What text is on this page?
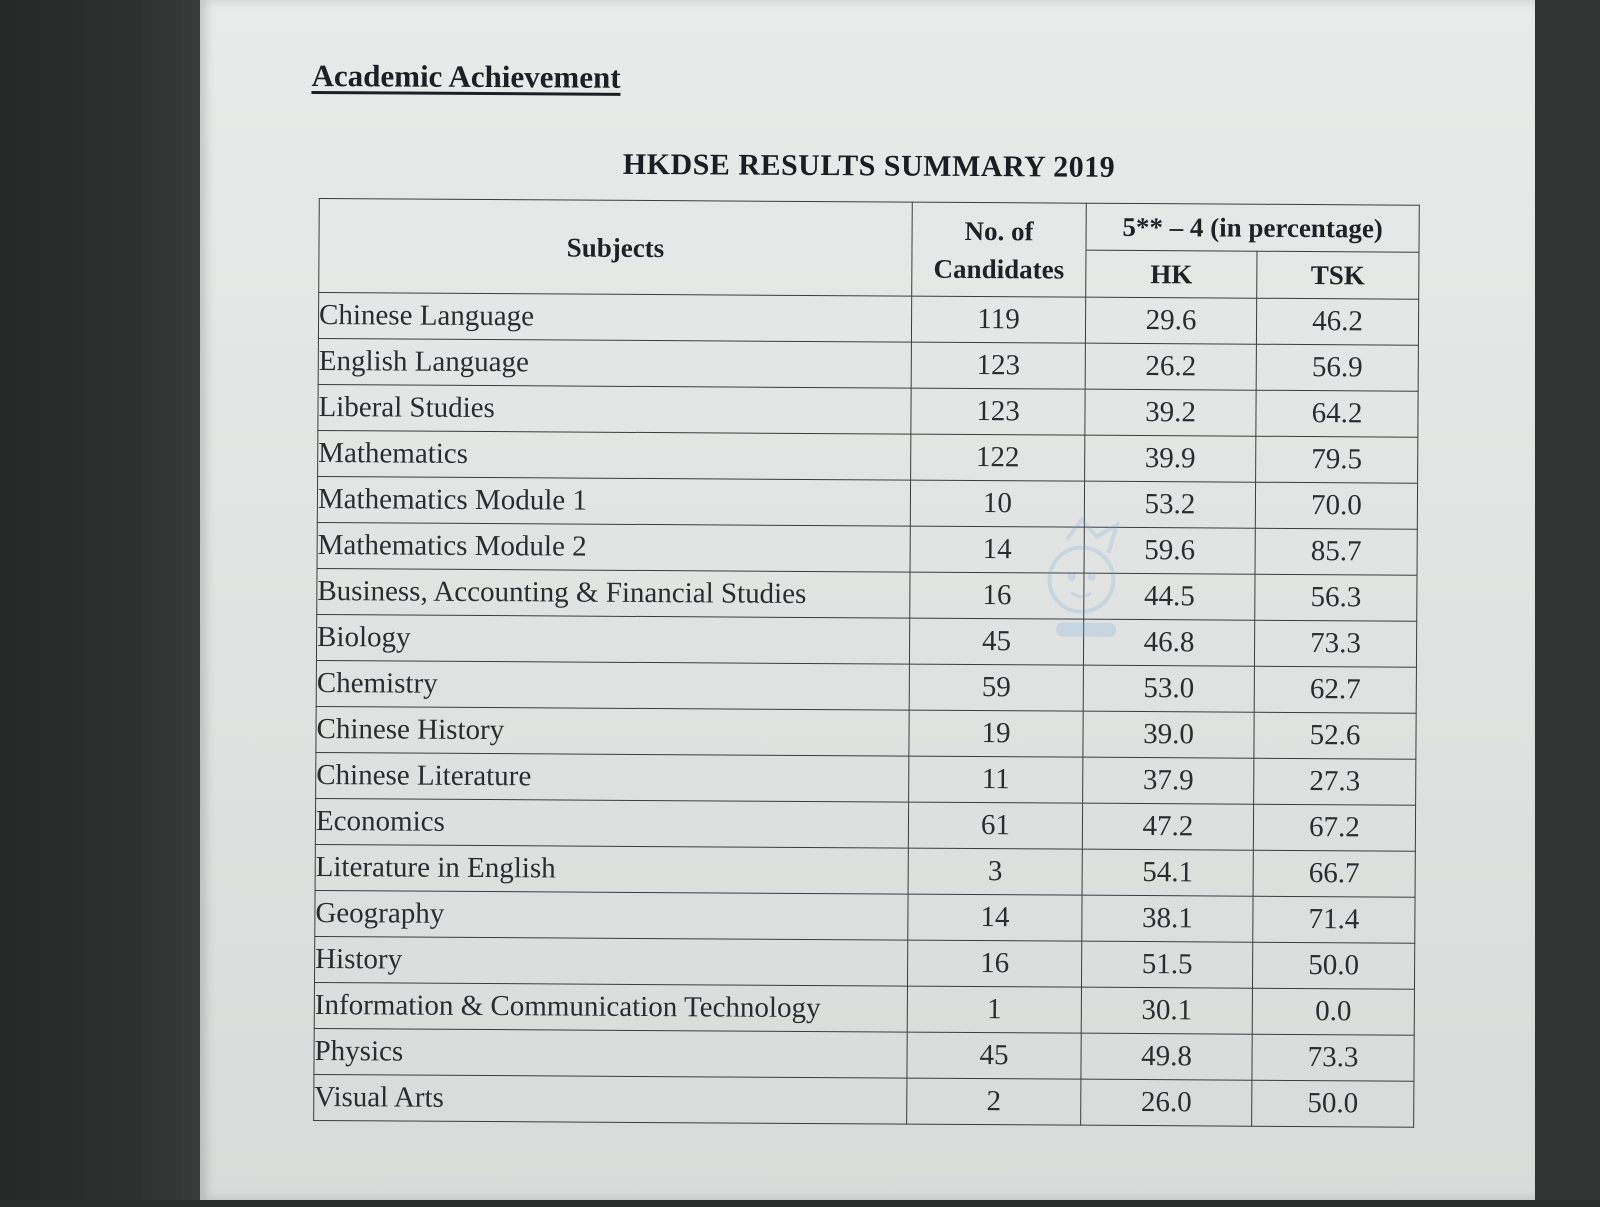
Academic Achievement
HKDSE RESULTS SUMMARY 2019
Subjects	No. of Candidates	5** – 4 (in percentage)	
		HK	TSK
Chinese Language	119	29.6	46.2
English Language	123	26.2	56.9
Liberal Studies	123	39.2	64.2
Mathematics	122	39.9	79.5
Mathematics Module 1	10	53.2	70.0
Mathematics Module 2	14	59.6	85.7
Business, Accounting & Financial Studies	16	44.5	56.3
Biology	45	46.8	73.3
Chemistry	59	53.0	62.7
Chinese History	19	39.0	52.6
Chinese Literature	11	37.9	27.3
Economics	61	47.2	67.2
Literature in English	3	54.1	66.7
Geography	14	38.1	71.4
History	16	51.5	50.0
Information & Communication Technology	1	30.1	0.0
Physics	45	49.8	73.3
Visual Arts	2	26.0	50.0
